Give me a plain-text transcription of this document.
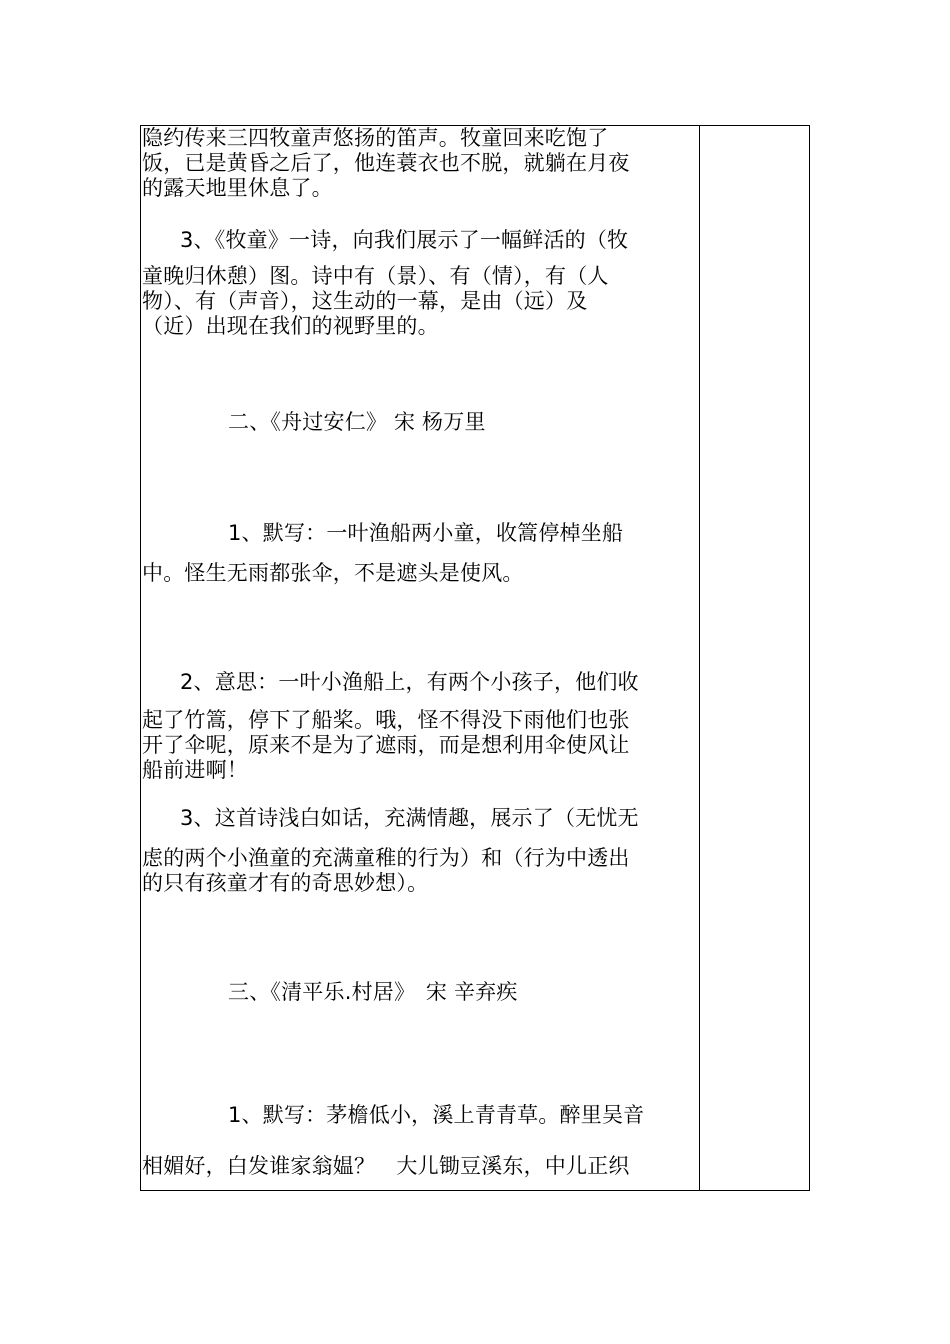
隐约传来三四牧童声悠扬的笛声。牧童回来吃饱了
饭，已是黄昏之后了，他连蓑衣也不脱，就躺在月夜
的露天地里休息了。
3、《牧童》一诗，向我们展示了一幅鲜活的（牧
童晚归休憩）图。诗中有（景）、有（情），有（人
物）、有（声音），这生动的一幕，是由（远）及
（近）出现在我们的视野里的。
二、《舟过安仁》 宋 杨万里
1、默写：一叶渔船两小童，收篙停棹坐船
中。怪生无雨都张伞，不是遮头是使风。
2、意思：一叶小渔船上，有两个小孩子，他们收
起了竹篙，停下了船桨。哦，怪不得没下雨他们也张
开了伞呢，原来不是为了遮雨，而是想利用伞使风让
船前进啊！
3、这首诗浅白如话，充满情趣，展示了（无忧无
虑的两个小渔童的充满童稚的行为）和（行为中透出
的只有孩童才有的奇思妙想）。
三、《清平乐.村居》　宋 辛弃疾
1、默写：茅檐低小，溪上青青草。醉里吴音
相媚好，白发谁家翁媪？　大儿锄豆溪东，中儿正织
